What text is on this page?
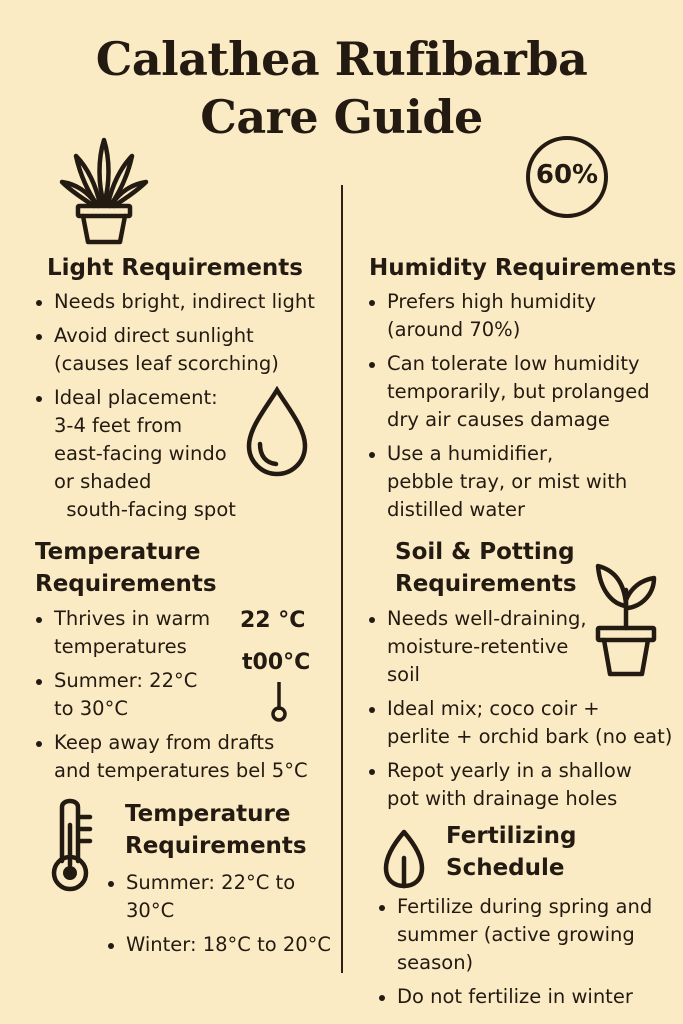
Calathea Rufibarba
Care Guide
60%
Light Requirements
Needs bright, indirect light
Avoid direct sunlight
(causes leaf scorching)
Ideal placement:
3-4 feet from
east-facing windo
or shaded
south-facing spot
Temperature
Requirements
Thrives in warm
temperatures
Summer: 22°C
to 30°C
Keep away from drafts
and temperatures bel 5°C
22 °C
t00°C
Temperature
Requirements
Summer: 22°C to
30°C
Winter: 18°C to 20°C
Humidity Requirements
Prefers high humidity
(around 70%)
Can tolerate low humidity
temporarily, but prolanged
dry air causes damage
Use a humidifier,
pebble tray, or mist with
distilled water
Soil & Potting
Requirements
Needs well-draining,
moisture-retentive
soil
Ideal mix; coco coir +
perlite + orchid bark (no eat)
Repot yearly in a shallow
pot with drainage holes
Fertilizing
Schedule
Fertilize during spring and
summer (active growing
season)
Do not fertilize in winter
